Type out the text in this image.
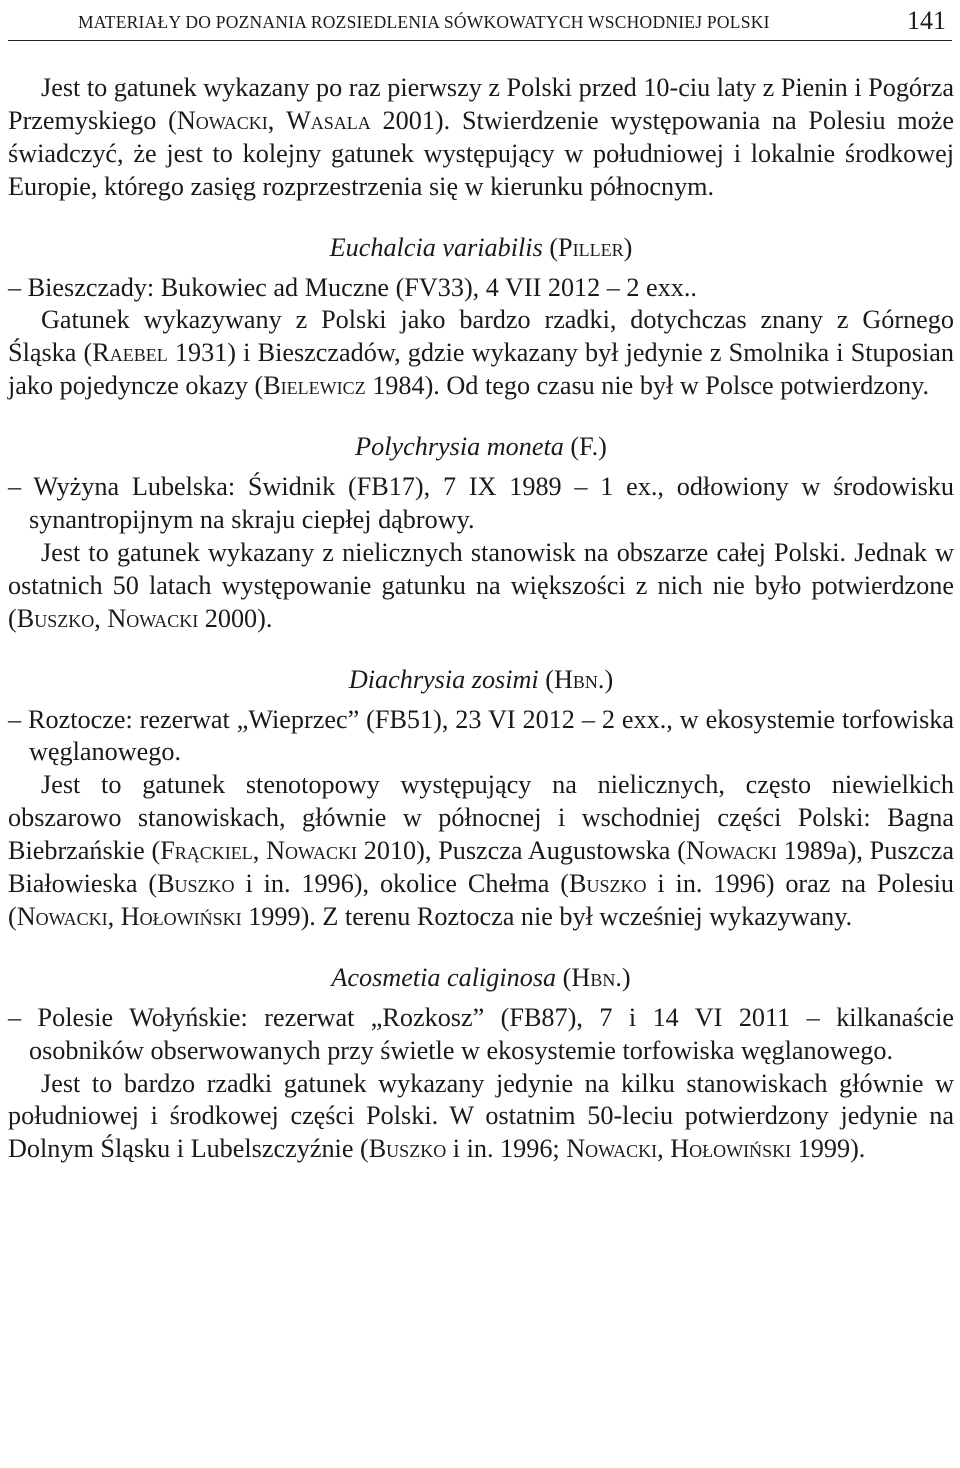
MATERIAŁY DO POZNANIA ROZSIEDLENIA SÓWKOWATYCH WSCHODNIEJ POLSKI	141

Jest to gatunek wykazany po raz pierwszy z Polski przed 10-ciu laty z Pienin i Pogórza Przemyskiego (Nowacki, Wasala 2001). Stwierdzenie występowania na Polesiu może świadczyć, że jest to kolejny gatunek występujący w południowej i lokalnie środkowej Europie, którego zasięg rozprzestrzenia się w kierunku północnym.

Euchalcia variabilis (Piller)

– Bieszczady: Bukowiec ad Muczne (FV33), 4 VII 2012 – 2 exx..

Gatunek wykazywany z Polski jako bardzo rzadki, dotychczas znany z Górnego Śląska (Raebel 1931) i Bieszczadów, gdzie wykazany był jedynie z Smolnika i Stuposian jako pojedyncze okazy (Bielewicz 1984). Od tego czasu nie był w Polsce potwierdzony.

Polychrysia moneta (F.)

– Wyżyna Lubelska: Świdnik (FB17), 7 IX 1989 – 1 ex., odłowiony w środowisku synantropijnym na skraju ciepłej dąbrowy.

Jest to gatunek wykazany z nielicznych stanowisk na obszarze całej Polski. Jednak w ostatnich 50 latach występowanie gatunku na większości z nich nie było potwierdzone (Buszko, Nowacki 2000).

Diachrysia zosimi (Hbn.)

– Roztocze: rezerwat „Wieprzec” (FB51), 23 VI 2012 – 2 exx., w ekosystemie torfowiska węglanowego.

Jest to gatunek stenotopowy występujący na nielicznych, często niewielkich obszarowo stanowiskach, głównie w północnej i wschodniej części Polski: Bagna Biebrzańskie (Frąckiel, Nowacki 2010), Puszcza Augustowska (Nowacki 1989a), Puszcza Białowieska (Buszko i in. 1996), okolice Chełma (Buszko i in. 1996) oraz na Polesiu (Nowacki, Hołowiński 1999). Z terenu Roztocza nie był wcześniej wykazywany.

Acosmetia caliginosa (Hbn.)

– Polesie Wołyńskie: rezerwat „Rozkosz” (FB87), 7 i 14 VI 2011 – kilkanaście osobników obserwowanych przy świetle w ekosystemie torfowiska węglanowego.

Jest to bardzo rzadki gatunek wykazany jedynie na kilku stanowiskach głównie w południowej i środkowej części Polski. W ostatnim 50-leciu potwierdzony jedynie na Dolnym Śląsku i Lubelszczyźnie (Buszko i in. 1996; Nowacki, Hołowiński 1999).
